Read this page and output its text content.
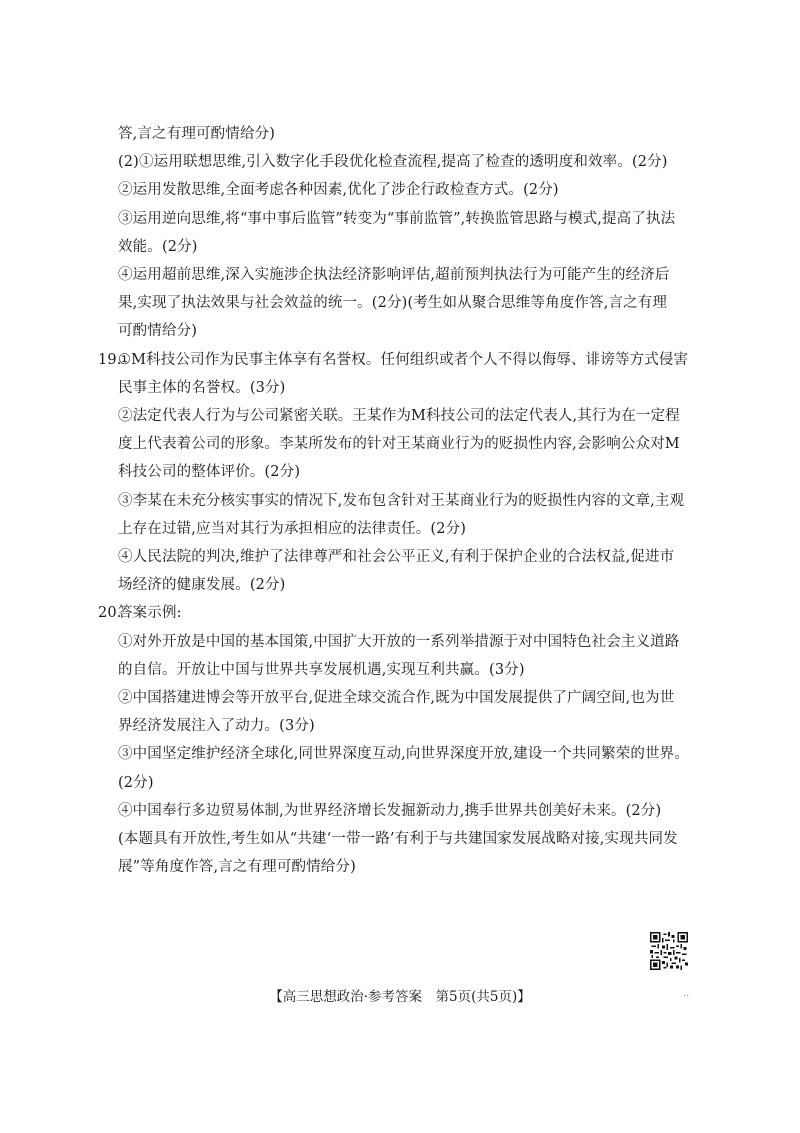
答,言之有理可酌情给分)
(2)①运用联想思维,引入数字化手段优化检查流程,提高了检查的透明度和效率。(2分)
②运用发散思维,全面考虑各种因素,优化了涉企行政检查方式。(2分)
③运用逆向思维,将“事中事后监管”转变为“事前监管”,转换监管思路与模式,提高了执法
效能。(2分)
④运用超前思维,深入实施涉企执法经济影响评估,超前预判执法行为可能产生的经济后
果,实现了执法效果与社会效益的统一。(2分)(考生如从聚合思维等角度作答,言之有理
可酌情给分)
19.①M科技公司作为民事主体享有名誉权。任何组织或者个人不得以侮辱、诽谤等方式侵害
民事主体的名誉权。(3分)
②法定代表人行为与公司紧密关联。王某作为M科技公司的法定代表人,其行为在一定程
度上代表着公司的形象。李某所发布的针对王某商业行为的贬损性内容,会影响公众对M
科技公司的整体评价。(2分)
③李某在未充分核实事实的情况下,发布包含针对王某商业行为的贬损性内容的文章,主观
上存在过错,应当对其行为承担相应的法律责任。(2分)
④人民法院的判决,维护了法律尊严和社会公平正义,有利于保护企业的合法权益,促进市
场经济的健康发展。(2分)
20.答案示例:
①对外开放是中国的基本国策,中国扩大开放的一系列举措源于对中国特色社会主义道路
的自信。开放让中国与世界共享发展机遇,实现互利共赢。(3分)
②中国搭建进博会等开放平台,促进全球交流合作,既为中国发展提供了广阔空间,也为世
界经济发展注入了动力。(3分)
③中国坚定维护经济全球化,同世界深度互动,向世界深度开放,建设一个共同繁荣的世界。
(2分)
④中国奉行多边贸易体制,为世界经济增长发掘新动力,携手世界共创美好未来。(2分)
(本题具有开放性,考生如从“共建‘一带一路’有利于与共建国家发展战略对接,实现共同发
展”等角度作答,言之有理可酌情给分)
【高三思想政治·参考答案　第5页(共5页)】	..
